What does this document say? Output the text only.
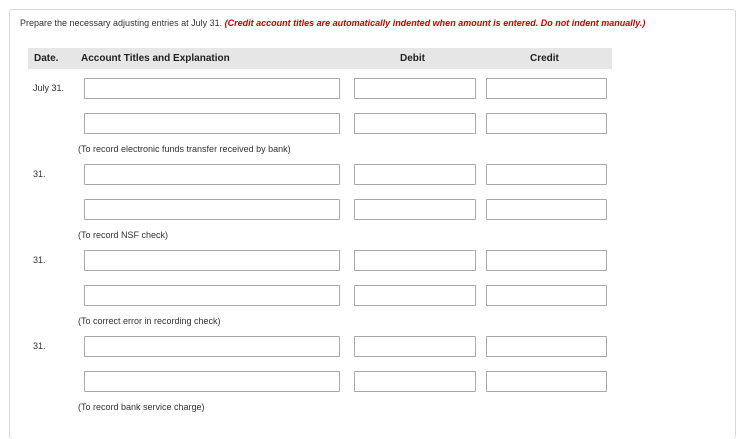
Prepare the necessary adjusting entries at July 31. (Credit account titles are automatically indented when amount is entered. Do not indent manually.)
Date. Account Titles and Explanation	Debit	Credit
July 31.
(To record electronic funds transfer received by bank)
31.
(To record NSF check)
31.
(To correct error in recording check)
31.
(To record bank service charge)
